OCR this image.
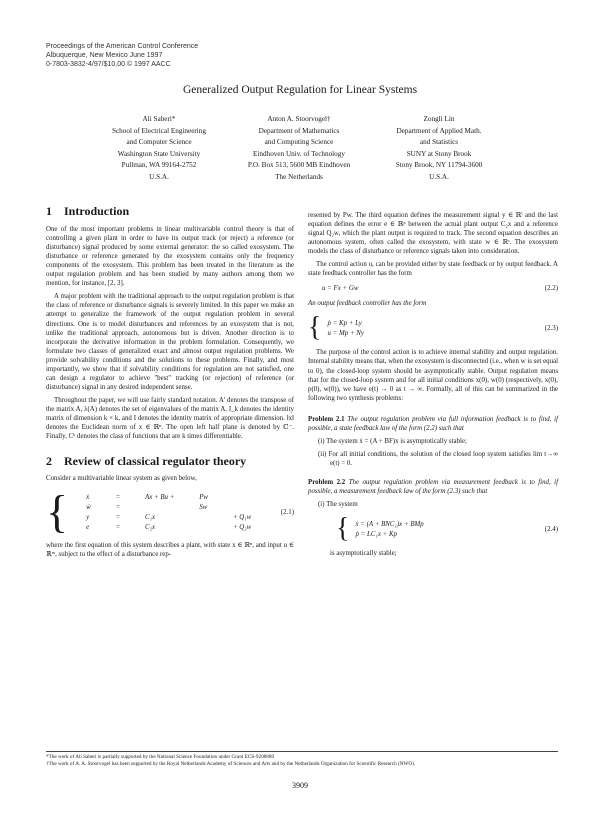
Proceedings of the American Control Conference
Albuquerque, New Mexico June 1997
0-7803-3832-4/97/$10.00 © 1997 AACC
Generalized Output Regulation for Linear Systems
Ali Saberi*
School of Electrical Engineering
and Computer Science
Washington State University
Pullman, WA 99164-2752
U.S.A.
Anton A. Stoorvogel†
Department of Mathematics
and Computing Science
Eindhoven Univ. of Technology
P.O. Box 513, 5600 MB Eindhoven
The Netherlands
Zongli Lin
Department of Applied Math.
and Statistics
SUNY at Stony Brook
Stony Brook, NY 11794-3600
U.S.A.
1 Introduction

One of the most important problems in linear multivariable control theory is that of controlling a given plant in order to have its output track (or reject) a reference (or disturbance) signal produced by some external generator: the so called exosystem. The disturbance or reference generated by the exosystem contains only the frequency components of the exosystem. This problem has been treated in the literature as the output regulation problem and has been studied by many authors among them we mention, for instance, [2, 3].

A major problem with the traditional approach to the output regulation problem is that the class of reference or disturbance signals is severely limited. In this paper we make an attempt to generalize the framework of the output regulation problem in several directions. One is to model disturbances and references by an exosystem that is not, unlike the traditional approach, autonomous but is driven. Another direction is to incorporate the derivative information in the problem formulation. Consequently, we formulate two classes of generalized exact and almost output regulation problems. We provide solvability conditions and the solutions to these problems. Finally, and most importantly, we show that if solvability conditions for regulation are not satisfied, one can design a regulator to achieve "best" tracking (or rejection) of reference (or disturbance) signal in any desired independent sense.

Throughout the paper, we will use fairly standard notation. A' denotes the transpose of the matrix A, λ(A) denotes the set of eigenvalues of the matrix A. I_k denotes the identity matrix of dimension k × k, and I denotes the identity matrix of appropriate dimension. ‖x‖ denotes the Euclidean norm of x ∈ ℝⁿ. The open left half plane is denoted by ℂ⁻. Finally, Cᵏ denotes the class of functions that are k times differentiable.

2 Review of classical regulator theory

Consider a multivariable linear system as given below,

{	ẋ	=	Ax + Bu +	Pw
ẇ	=	Sw
y	=	C₁x	+ Q₁w
e	=	C₂x	+ Q₂w
(2.1)

where the first equation of this system describes a plant, with state x ∈ ℝⁿ, and input u ∈ ℝᵐ, subject to the effect of a disturbance rep-

resented by Pw. The third equation defines the measurement signal y ∈ ℝˡ and the last equation defines the error e ∈ ℝᵖ between the actual plant output C₂x and a reference signal Q₂w, which the plant output is required to track. The second equation describes an autonomous system, often called the exosystem, with state w ∈ ℝˢ. The exosystem models the class of disturbance or reference signals taken into consideration.

The control action u, can be provided either by state feedback or by output feedback. A state feedback controller has the form

u = Fx + Gw	(2.2)

An output feedback controller has the form

{ ṗ = Kp + Ly
u = Mp + Ny
(2.3)

The purpose of the control action is to achieve internal stability and output regulation. Internal stability means that, when the exosystem is disconnected (i.e., when w is set equal to 0), the closed-loop system should be asymptotically stable. Output regulation means that for the closed-loop system and for all initial conditions x(0), w(0) (respectively, x(0), p(0), w(0)), we have e(t) → 0 as t → ∞. Formally, all of this can be summarized in the following two synthesis problems:

Problem 2.1 The output regulation problem via full information feedback is to find, if possible, a state feedback law of the form (2.2) such that

(i) The system ẋ = (A + BF)x is asymptotically stable;
(ii) For all initial conditions, the solution of the closed loop system satisfies lim t→∞ e(t) = 0.

Problem 2.2 The output regulation problem via measurement feedback is to find, if possible, a measurement feedback law of the form (2.3) such that

(i) The system
{ ẋ = (A + BNC₁)x + BMp
ṗ = LC₁x + Kp
(2.4)
is asymptotically stable;
*The work of Ali Saberi is partially supported by the National Science Foundation under Grant ECS-9208880
†The work of A. A. Stoorvogel has been supported by the Royal Netherlands Academy of Sciences and Arts and by the Netherlands Organization for Scientific Research (NWO).
3909
